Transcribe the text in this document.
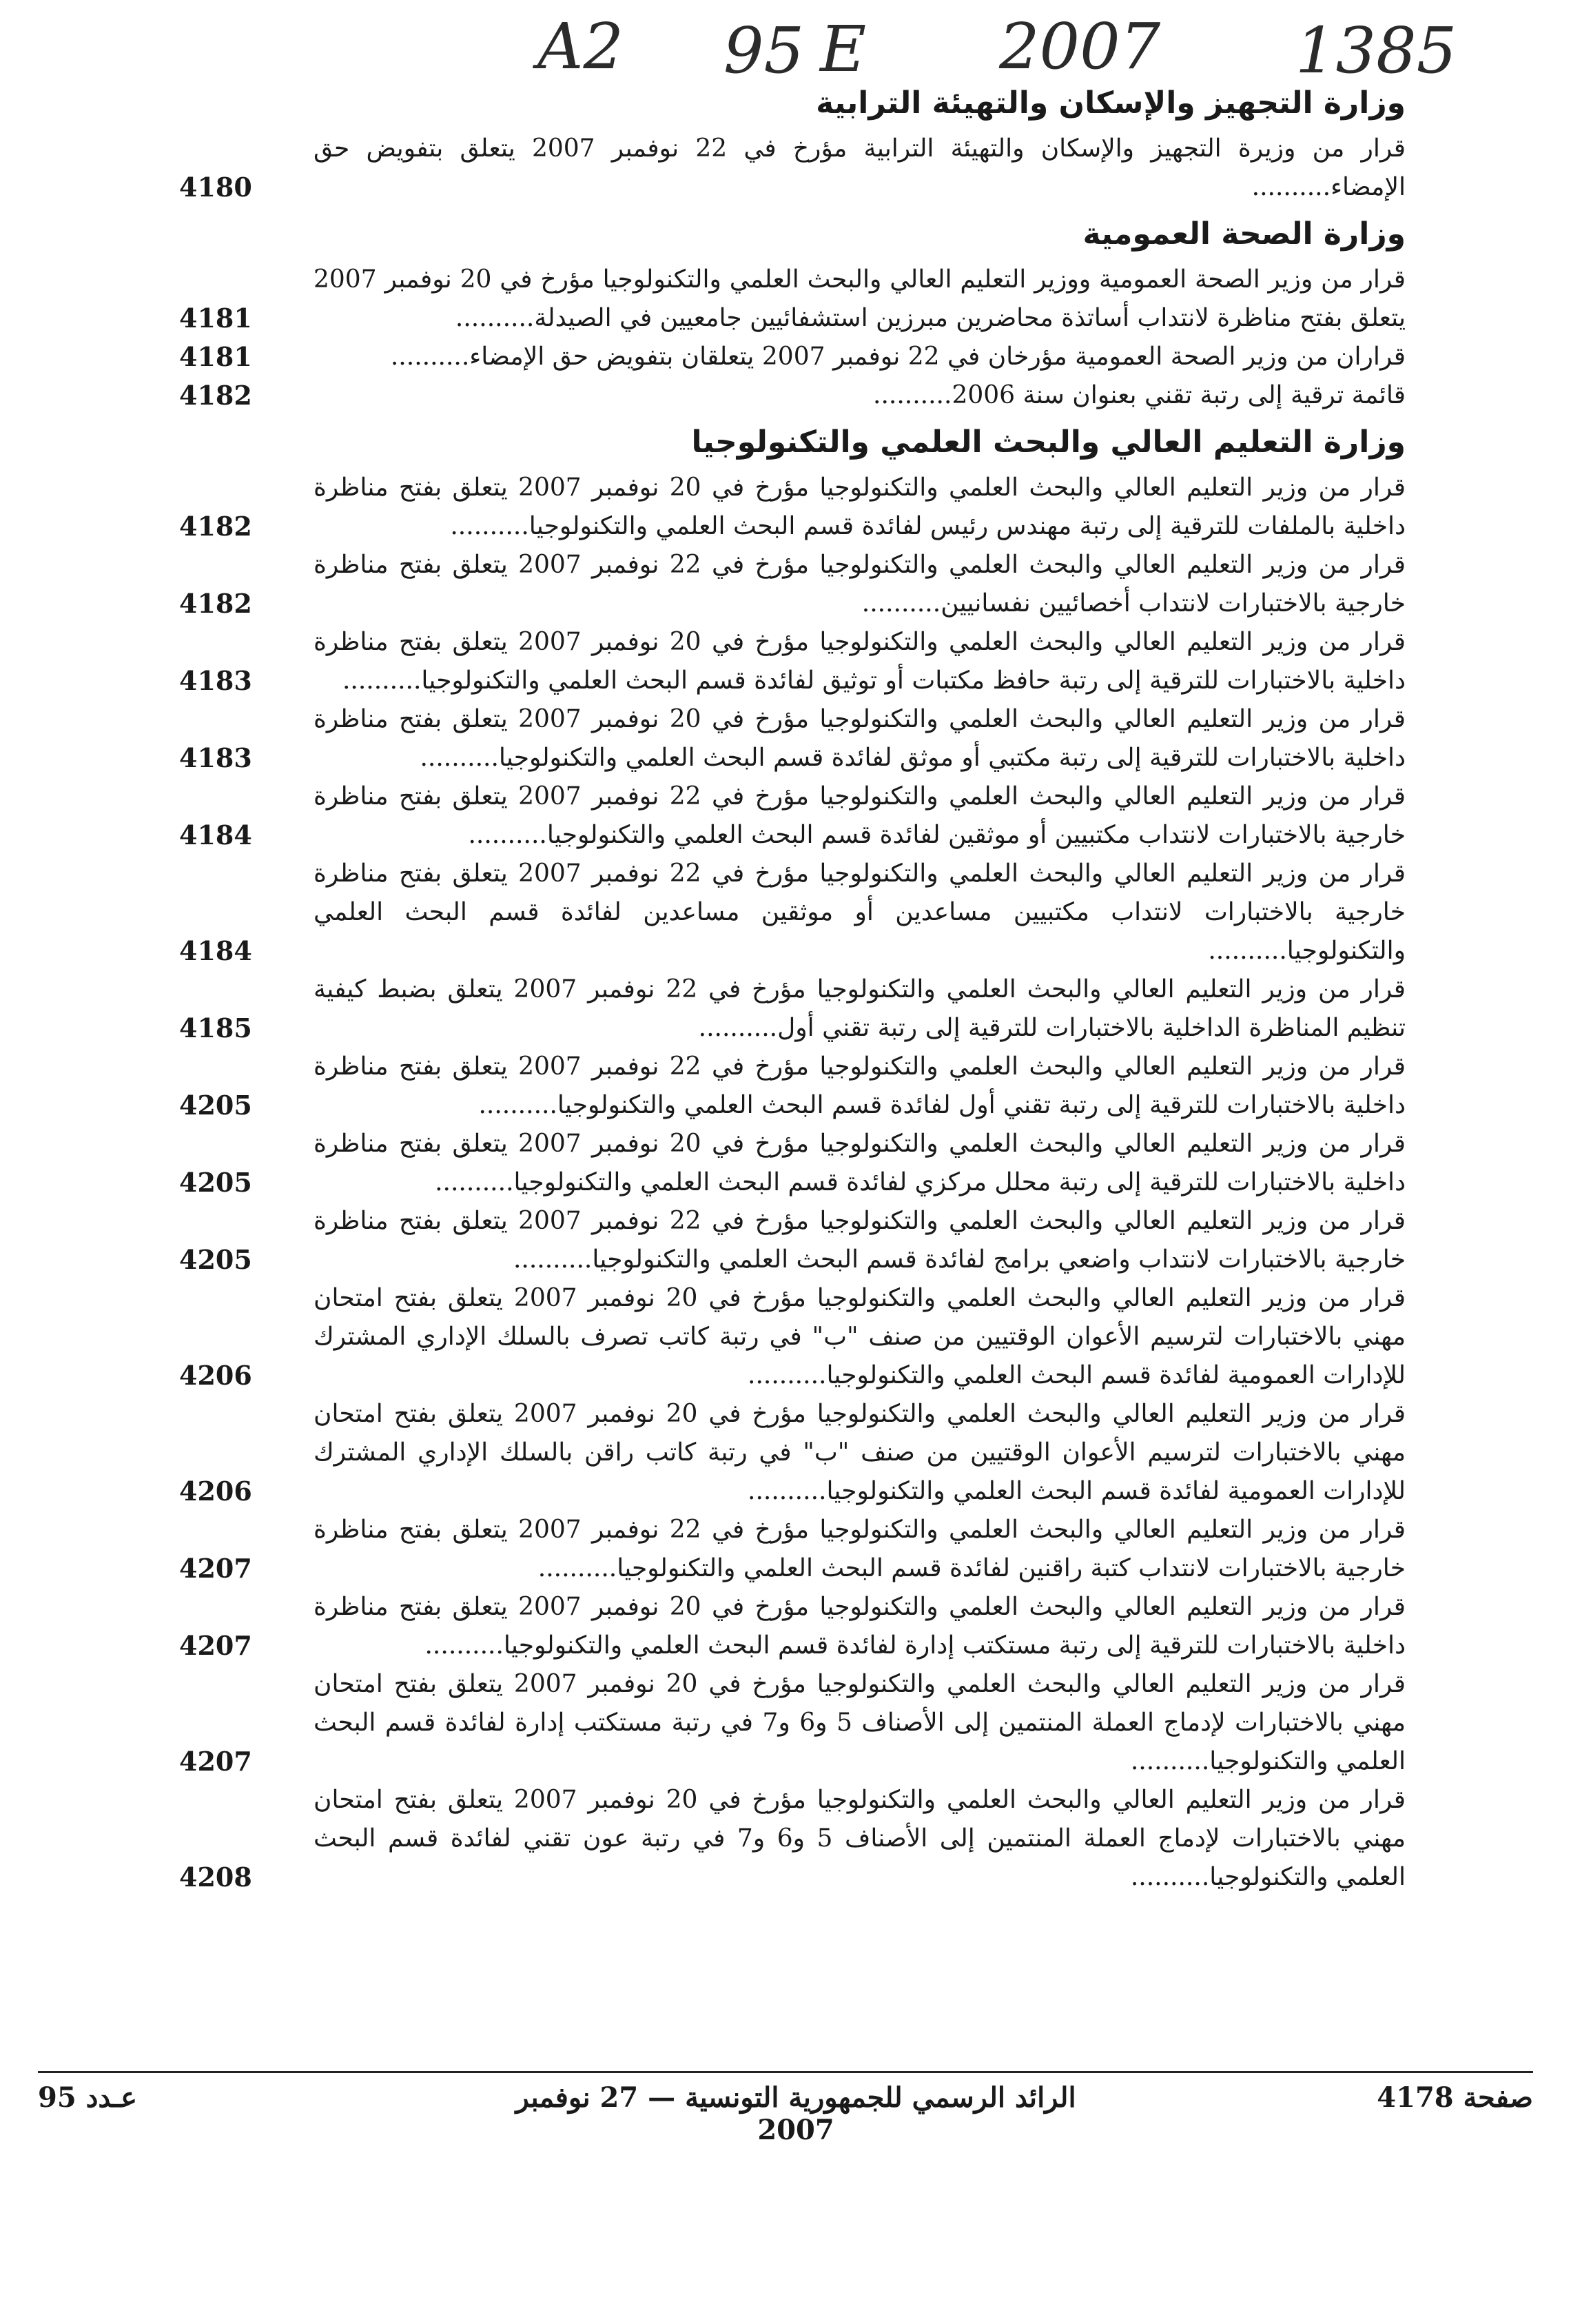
A2 95 E 2007 1385
وزارة التجهيز والإسكان والتهيئة الترابية
قرار من وزيرة التجهيز والإسكان والتهيئة الترابية مؤرخ في 22 نوفمبر 2007 يتعلق بتفويض حق الإمضاء..........
4180
وزارة الصحة العمومية
قرار من وزير الصحة العمومية ووزير التعليم العالي والبحث العلمي والتكنولوجيا مؤرخ في 20 نوفمبر 2007 يتعلق بفتح مناظرة لانتداب أساتذة محاضرين مبرزين استشفائيين جامعيين في الصيدلة..........
4181
قراران من وزير الصحة العمومية مؤرخان في 22 نوفمبر 2007 يتعلقان بتفويض حق الإمضاء..........
4181
قائمة ترقية إلى رتبة تقني بعنوان سنة 2006..........
4182
وزارة التعليم العالي والبحث العلمي والتكنولوجيا
قرار من وزير التعليم العالي والبحث العلمي والتكنولوجيا مؤرخ في 20 نوفمبر 2007 يتعلق بفتح مناظرة داخلية بالملفات للترقية إلى رتبة مهندس رئيس لفائدة قسم البحث العلمي والتكنولوجيا..........
4182
قرار من وزير التعليم العالي والبحث العلمي والتكنولوجيا مؤرخ في 22 نوفمبر 2007 يتعلق بفتح مناظرة خارجية بالاختبارات لانتداب أخصائيين نفسانيين..........
4182
قرار من وزير التعليم العالي والبحث العلمي والتكنولوجيا مؤرخ في 20 نوفمبر 2007 يتعلق بفتح مناظرة داخلية بالاختبارات للترقية إلى رتبة حافظ مكتبات أو توثيق لفائدة قسم البحث العلمي والتكنولوجيا..........
4183
قرار من وزير التعليم العالي والبحث العلمي والتكنولوجيا مؤرخ في 20 نوفمبر 2007 يتعلق بفتح مناظرة داخلية بالاختبارات للترقية إلى رتبة مكتبي أو موثق لفائدة قسم البحث العلمي والتكنولوجيا..........
4183
قرار من وزير التعليم العالي والبحث العلمي والتكنولوجيا مؤرخ في 22 نوفمبر 2007 يتعلق بفتح مناظرة خارجية بالاختبارات لانتداب مكتبيين أو موثقين لفائدة قسم البحث العلمي والتكنولوجيا..........
4184
قرار من وزير التعليم العالي والبحث العلمي والتكنولوجيا مؤرخ في 22 نوفمبر 2007 يتعلق بفتح مناظرة خارجية بالاختبارات لانتداب مكتبيين مساعدين أو موثقين مساعدين لفائدة قسم البحث العلمي والتكنولوجيا..........
4184
قرار من وزير التعليم العالي والبحث العلمي والتكنولوجيا مؤرخ في 22 نوفمبر 2007 يتعلق بضبط كيفية تنظيم المناظرة الداخلية بالاختبارات للترقية إلى رتبة تقني أول..........
4185
قرار من وزير التعليم العالي والبحث العلمي والتكنولوجيا مؤرخ في 22 نوفمبر 2007 يتعلق بفتح مناظرة داخلية بالاختبارات للترقية إلى رتبة تقني أول لفائدة قسم البحث العلمي والتكنولوجيا..........
4205
قرار من وزير التعليم العالي والبحث العلمي والتكنولوجيا مؤرخ في 20 نوفمبر 2007 يتعلق بفتح مناظرة داخلية بالاختبارات للترقية إلى رتبة محلل مركزي لفائدة قسم البحث العلمي والتكنولوجيا..........
4205
قرار من وزير التعليم العالي والبحث العلمي والتكنولوجيا مؤرخ في 22 نوفمبر 2007 يتعلق بفتح مناظرة خارجية بالاختبارات لانتداب واضعي برامج لفائدة قسم البحث العلمي والتكنولوجيا..........
4205
قرار من وزير التعليم العالي والبحث العلمي والتكنولوجيا مؤرخ في 20 نوفمبر 2007 يتعلق بفتح امتحان مهني بالاختبارات لترسيم الأعوان الوقتيين من صنف "ب" في رتبة كاتب تصرف بالسلك الإداري المشترك للإدارات العمومية لفائدة قسم البحث العلمي والتكنولوجيا..........
4206
قرار من وزير التعليم العالي والبحث العلمي والتكنولوجيا مؤرخ في 20 نوفمبر 2007 يتعلق بفتح امتحان مهني بالاختبارات لترسيم الأعوان الوقتيين من صنف "ب" في رتبة كاتب راقن بالسلك الإداري المشترك للإدارات العمومية لفائدة قسم البحث العلمي والتكنولوجيا..........
4206
قرار من وزير التعليم العالي والبحث العلمي والتكنولوجيا مؤرخ في 22 نوفمبر 2007 يتعلق بفتح مناظرة خارجية بالاختبارات لانتداب كتبة راقنين لفائدة قسم البحث العلمي والتكنولوجيا..........
4207
قرار من وزير التعليم العالي والبحث العلمي والتكنولوجيا مؤرخ في 20 نوفمبر 2007 يتعلق بفتح مناظرة داخلية بالاختبارات للترقية إلى رتبة مستكتب إدارة لفائدة قسم البحث العلمي والتكنولوجيا..........
4207
قرار من وزير التعليم العالي والبحث العلمي والتكنولوجيا مؤرخ في 20 نوفمبر 2007 يتعلق بفتح امتحان مهني بالاختبارات لإدماج العملة المنتمين إلى الأصناف 5 و6 و7 في رتبة مستكتب إدارة لفائدة قسم البحث العلمي والتكنولوجيا..........
4207
قرار من وزير التعليم العالي والبحث العلمي والتكنولوجيا مؤرخ في 20 نوفمبر 2007 يتعلق بفتح امتحان مهني بالاختبارات لإدماج العملة المنتمين إلى الأصناف 5 و6 و7 في رتبة عون تقني لفائدة قسم البحث العلمي والتكنولوجيا..........
4208
صفحة 4178
الرائد الرسمي للجمهورية التونسية — 27 نوفمبر 2007
عـدد 95
